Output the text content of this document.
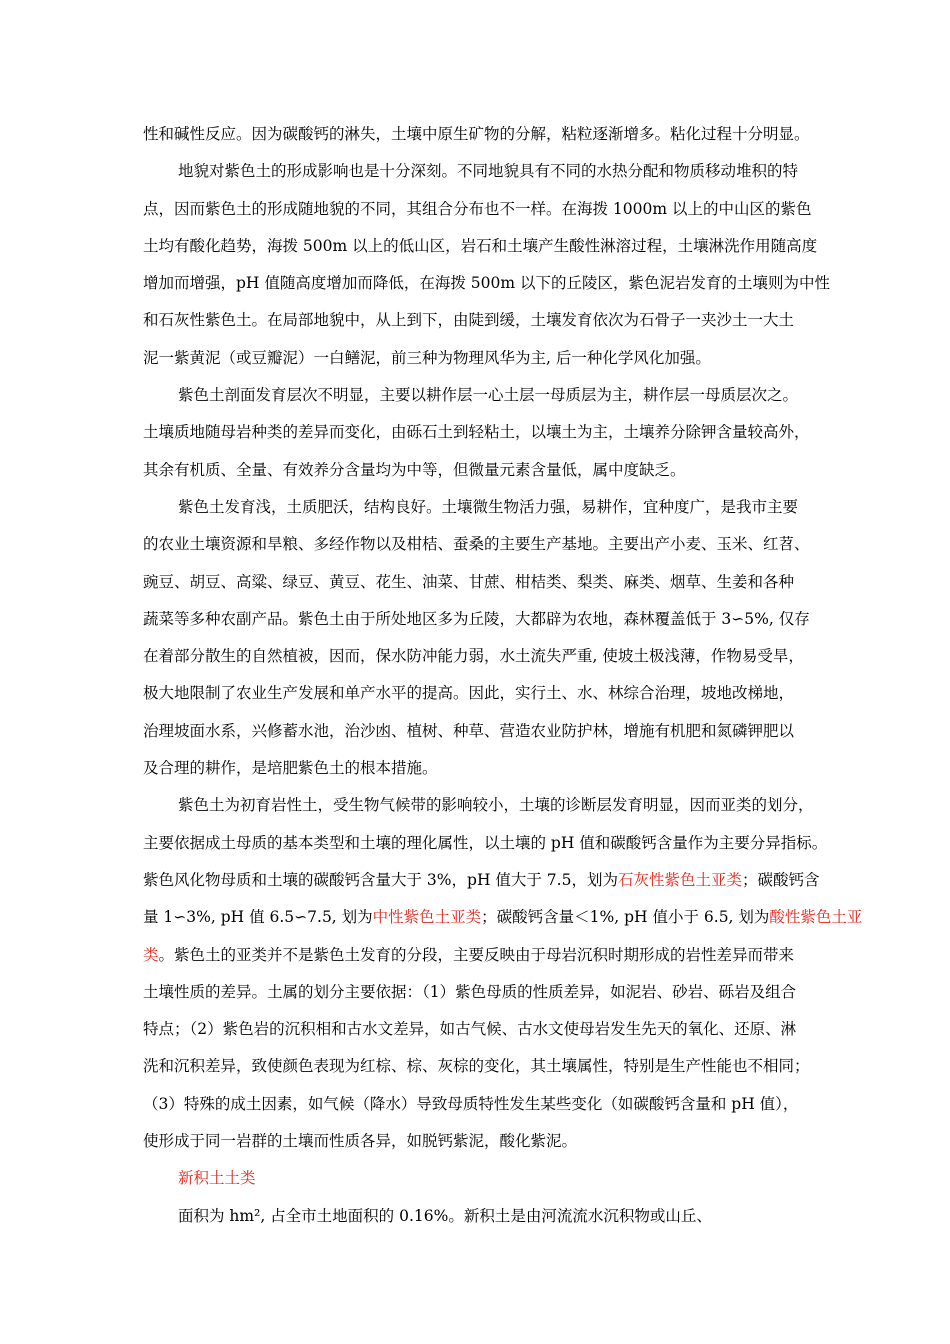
性和碱性反应。因为碳酸钙的淋失，土壤中原生矿物的分解，粘粒逐渐增多。粘化过程十分明显。
地貌对紫色土的形成影响也是十分深刻。不同地貌具有不同的水热分配和物质移动堆积的特
点，因而紫色土的形成随地貌的不同，其组合分布也不一样。在海拨 1000m 以上的中山区的紫色
土均有酸化趋势，海拨 500m 以上的低山区，岩石和土壤产生酸性淋溶过程，土壤淋洗作用随高度
增加而增强，pH 值随高度增加而降低，在海拨 500m 以下的丘陵区，紫色泥岩发育的土壤则为中性
和石灰性紫色土。在局部地貌中，从上到下，由陡到缓，土壤发育依次为石骨子一夹沙土一大土
泥一紫黄泥（或豆瓣泥）一白鳝泥，前三种为物理风华为主, 后一种化学风化加强。
紫色土剖面发育层次不明显，主要以耕作层一心土层一母质层为主，耕作层一母质层次之。
土壤质地随母岩种类的差异而变化，由砾石土到轻粘土，以壤土为主，土壤养分除钾含量较高外，
其余有机质、全量、有效养分含量均为中等，但微量元素含量低，属中度缺乏。
紫色土发育浅，土质肥沃，结构良好。土壤微生物活力强，易耕作，宜种度广，是我市主要
的农业土壤资源和旱粮、多经作物以及柑桔、蚕桑的主要生产基地。主要出产小麦、玉米、红苕、
豌豆、胡豆、高粱、绿豆、黄豆、花生、油菜、甘蔗、柑桔类、梨类、麻类、烟草、生姜和各种
蔬菜等多种农副产品。紫色土由于所处地区多为丘陵，大都辟为农地，森林覆盖低于 3∽5%, 仅存
在着部分散生的自然植被，因而，保水防冲能力弱，水土流失严重, 使坡土极浅薄，作物易受旱，
极大地限制了农业生产发展和单产水平的提高。因此，实行土、水、林综合治理，坡地改梯地，
治理坡面水系，兴修蓄水池，治沙凼、植树、种草、营造农业防护林，增施有机肥和氮磷钾肥以
及合理的耕作，是培肥紫色土的根本措施。
紫色土为初育岩性土，受生物气候带的影响较小，土壤的诊断层发育明显，因而亚类的划分，
主要依据成土母质的基本类型和土壤的理化属性，以土壤的 pH 值和碳酸钙含量作为主要分异指标。
紫色风化物母质和土壤的碳酸钙含量大于 3%，pH 值大于 7.5，划为石灰性紫色土亚类；碳酸钙含
量 1∽3%, pH 值 6.5∽7.5, 划为中性紫色土亚类；碳酸钙含量＜1%, pH 值小于 6.5, 划为酸性紫色土亚
类。紫色土的亚类并不是紫色土发育的分段，主要反映由于母岩沉积时期形成的岩性差异而带来
土壤性质的差异。土属的划分主要依据：（1）紫色母质的性质差异，如泥岩、砂岩、砾岩及组合
特点；（2）紫色岩的沉积相和古水文差异，如古气候、古水文使母岩发生先天的氧化、还原、淋
洗和沉积差异，致使颜色表现为红棕、棕、灰棕的变化，其土壤属性，特别是生产性能也不相同；
（3）特殊的成土因素，如气候（降水）导致母质特性发生某些变化（如碳酸钙含量和 pH 值），
使形成于同一岩群的土壤而性质各异，如脱钙紫泥，酸化紫泥。
新积土土类
面积为 hm², 占全市土地面积的 0.16%。新积土是由河流流水沉积物或山丘、
